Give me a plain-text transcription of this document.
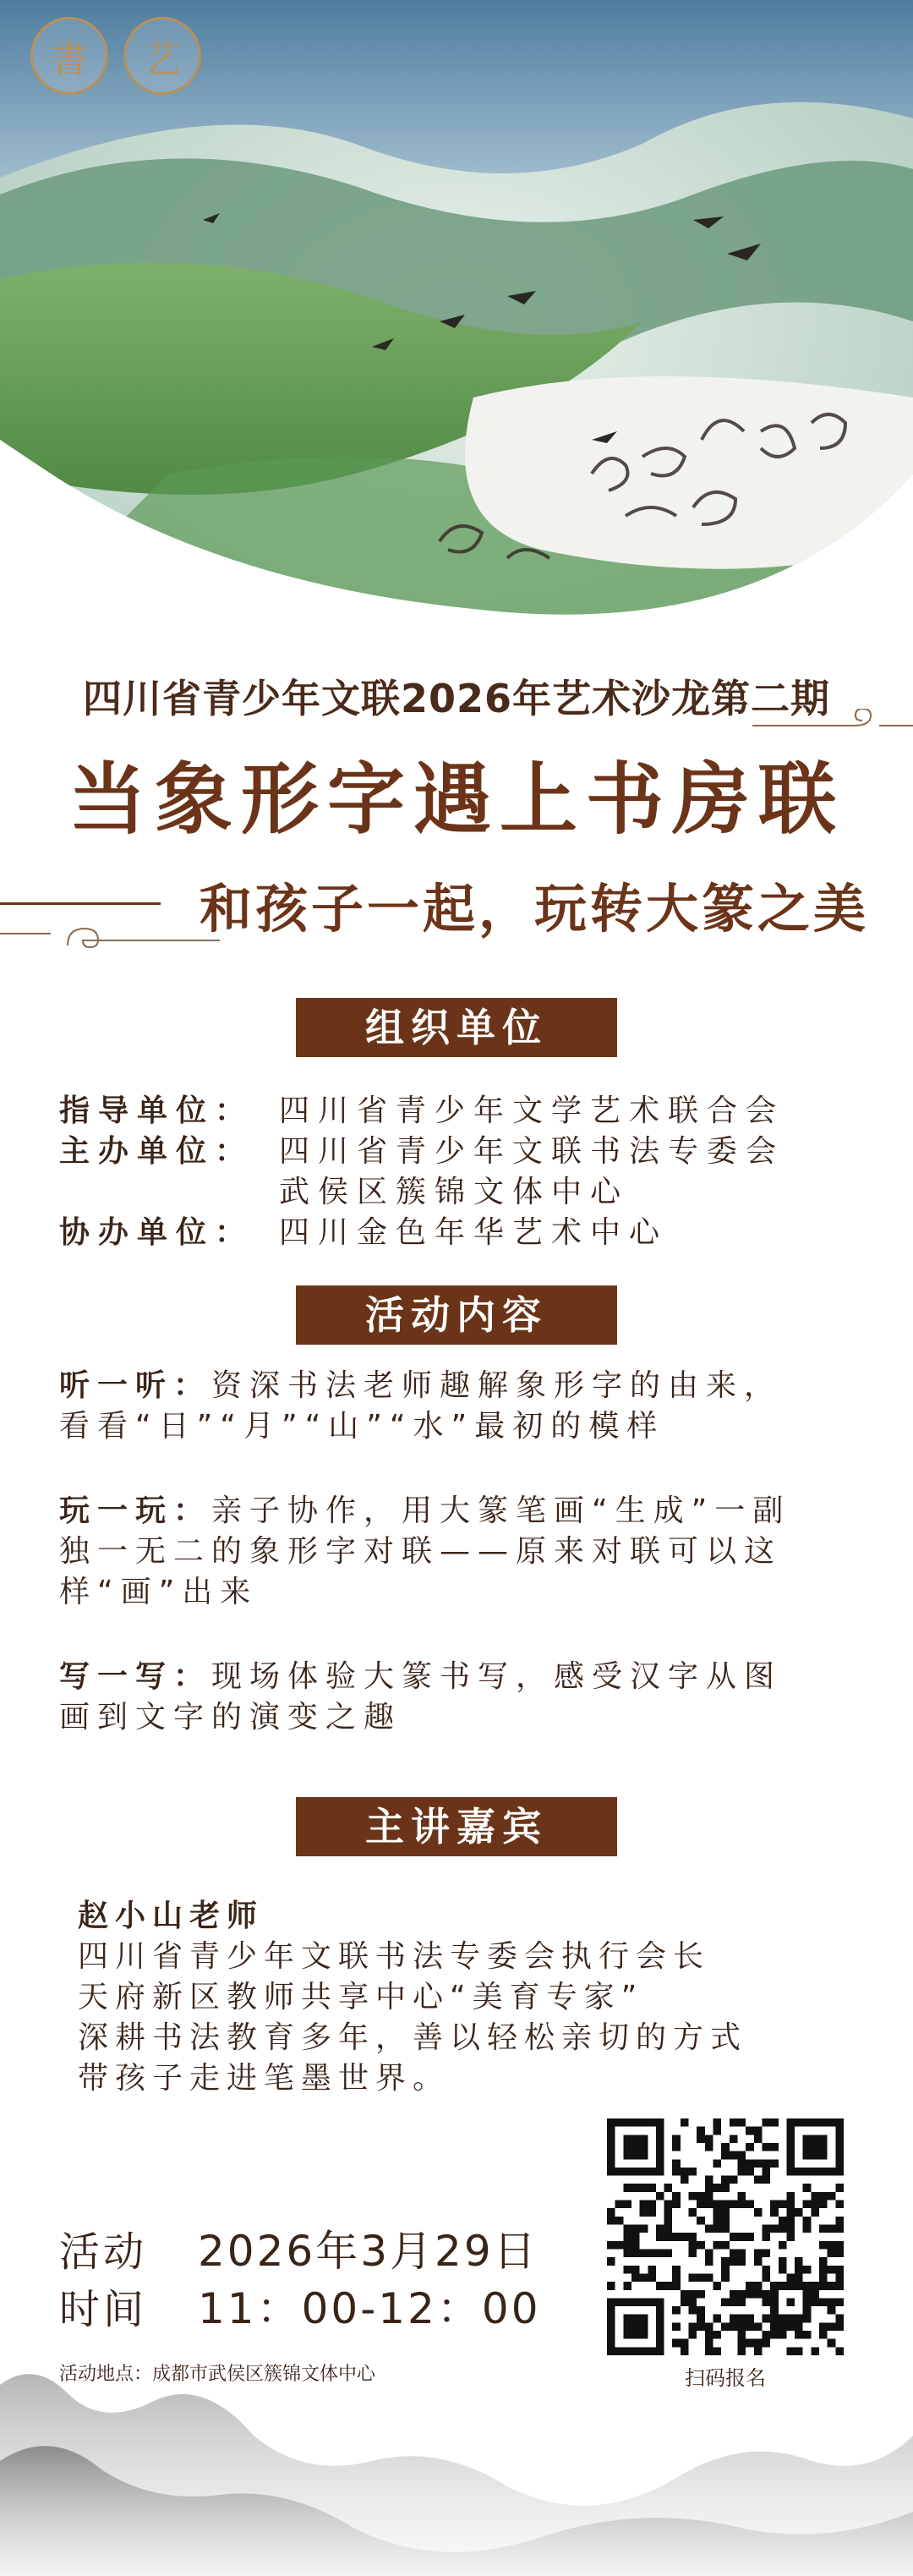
書	艺
四川省青少年文联2026年艺术沙龙第二期
当象形字遇上书房联
和孩子一起，玩转大篆之美
组织单位
指导单位： 四川省青少年文学艺术联合会
主办单位： 四川省青少年文联书法专委会
武侯区簇锦文体中心
协办单位： 四川金色年华艺术中心
活动内容
听一听：资深书法老师趣解象形字的由来，看看“日”“月”“山”“水”最初的模样
玩一玩：亲子协作，用大篆笔画“生成”一副独一无二的象形字对联——原来对联可以这样“画”出来
写一写：现场体验大篆书写，感受汉字从图画到文字的演变之趣
主讲嘉宾
赵小山老师
四川省青少年文联书法专委会执行会长
天府新区教师共享中心“美育专家”
深耕书法教育多年，善以轻松亲切的方式
带孩子走进笔墨世界。
活动	2026年3月29日
时间	11：00-12：00
活动地点：成都市武侯区簇锦文体中心	扫码报名
